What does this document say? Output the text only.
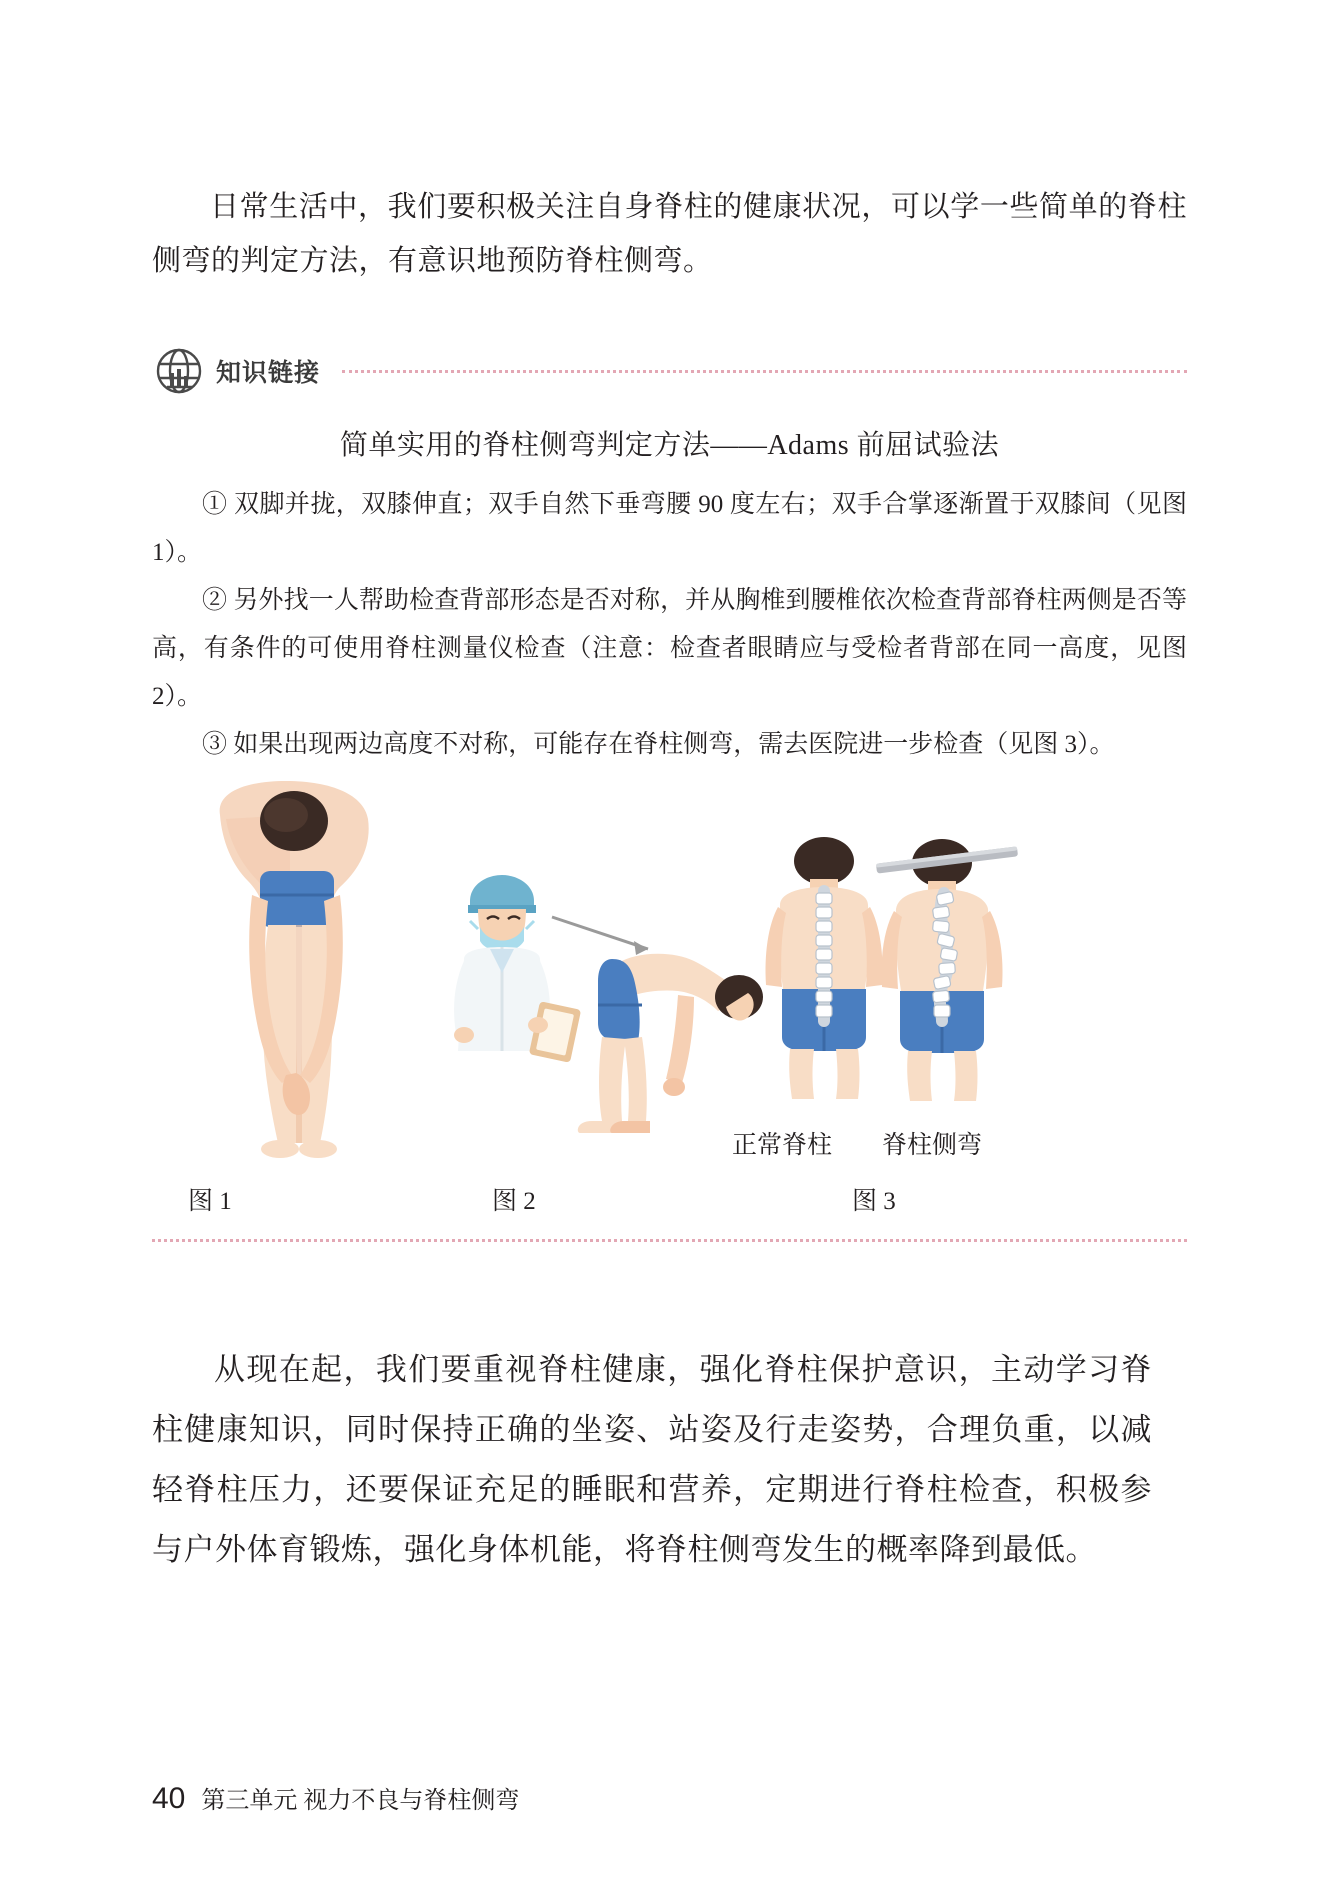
日常生活中，我们要积极关注自身脊柱的健康状况，可以学一些简单的脊柱侧弯的判定方法，有意识地预防脊柱侧弯。

知识链接
简单实用的脊柱侧弯判定方法——Adams 前屈试验法

① 双脚并拢，双膝伸直；双手自然下垂弯腰 90 度左右；双手合掌逐渐置于双膝间（见图 1）。

② 另外找一人帮助检查背部形态是否对称，并从胸椎到腰椎依次检查背部脊柱两侧是否等高，有条件的可使用脊柱测量仪检查（注意：检查者眼睛应与受检者背部在同一高度，见图 2）。

③ 如果出现两边高度不对称，可能存在脊柱侧弯，需去医院进一步检查（见图 3）。

正常脊柱 脊柱侧弯
图 1	图 2	图 3

从现在起，我们要重视脊柱健康，强化脊柱保护意识，主动学习脊柱健康知识，同时保持正确的坐姿、站姿及行走姿势，合理负重，以减轻脊柱压力，还要保证充足的睡眠和营养，定期进行脊柱检查，积极参与户外体育锻炼，强化身体机能，将脊柱侧弯发生的概率降到最低。

40 第三单元 视力不良与脊柱侧弯
